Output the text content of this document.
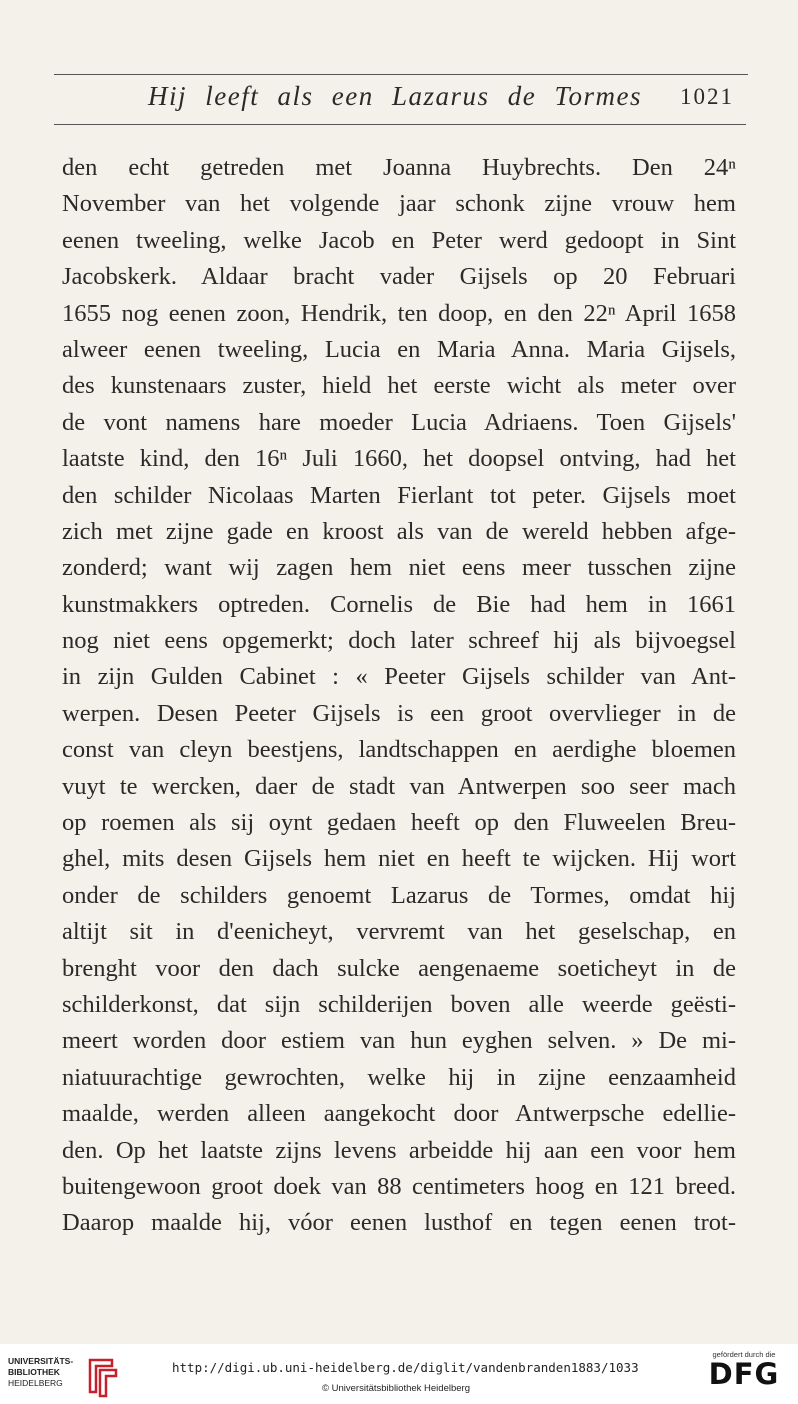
Hij leeft als een Lazarus de Tormes 1021
den echt getreden met Joanna Huybrechts. Den 24ⁿ
November van het volgende jaar schonk zijne vrouw hem
eenen tweeling, welke Jacob en Peter werd gedoopt in Sint
Jacobskerk. Aldaar bracht vader Gijsels op 20 Februari
1655 nog eenen zoon, Hendrik, ten doop, en den 22ⁿ April 1658
alweer eenen tweeling, Lucia en Maria Anna. Maria Gijsels,
des kunstenaars zuster, hield het eerste wicht als meter over
de vont namens hare moeder Lucia Adriaens. Toen Gijsels'
laatste kind, den 16ⁿ Juli 1660, het doopsel ontving, had het
den schilder Nicolaas Marten Fierlant tot peter. Gijsels moet
zich met zijne gade en kroost als van de wereld hebben afge-
zonderd; want wij zagen hem niet eens meer tusschen zijne
kunstmakkers optreden. Cornelis de Bie had hem in 1661
nog niet eens opgemerkt; doch later schreef hij als bijvoegsel
in zijn Gulden Cabinet : « Peeter Gijsels schilder van Ant-
werpen. Desen Peeter Gijsels is een groot overvlieger in de
const van cleyn beestjens, landtschappen en aerdighe bloemen
vuyt te wercken, daer de stadt van Antwerpen soo seer mach
op roemen als sij oynt gedaen heeft op den Fluweelen Breu-
ghel, mits desen Gijsels hem niet en heeft te wijcken. Hij wort
onder de schilders genoemt Lazarus de Tormes, omdat hij
altijt sit in d'eenicheyt, vervremt van het geselschap, en
brenght voor den dach sulcke aengenaeme soeticheyt in de
schilderkonst, dat sijn schilderijen boven alle weerde geësti-
meert worden door estiem van hun eyghen selven. » De mi-
niatuurachtige gewrochten, welke hij in zijne eenzaamheid
maalde, werden alleen aangekocht door Antwerpsche edellie-
den. Op het laatste zijns levens arbeidde hij aan een voor hem
buitengewoon groot doek van 88 centimeters hoog en 121 breed.
Daarop maalde hij, vóor eenen lusthof en tegen eenen trot-
UNIVERSITÄTS-
BIBLIOTHEK
HEIDELBERG
http://digi.ub.uni-heidelberg.de/diglit/vandenbranden1883/1033
© Universitätsbibliothek Heidelberg
gefördert durch die
DFG
